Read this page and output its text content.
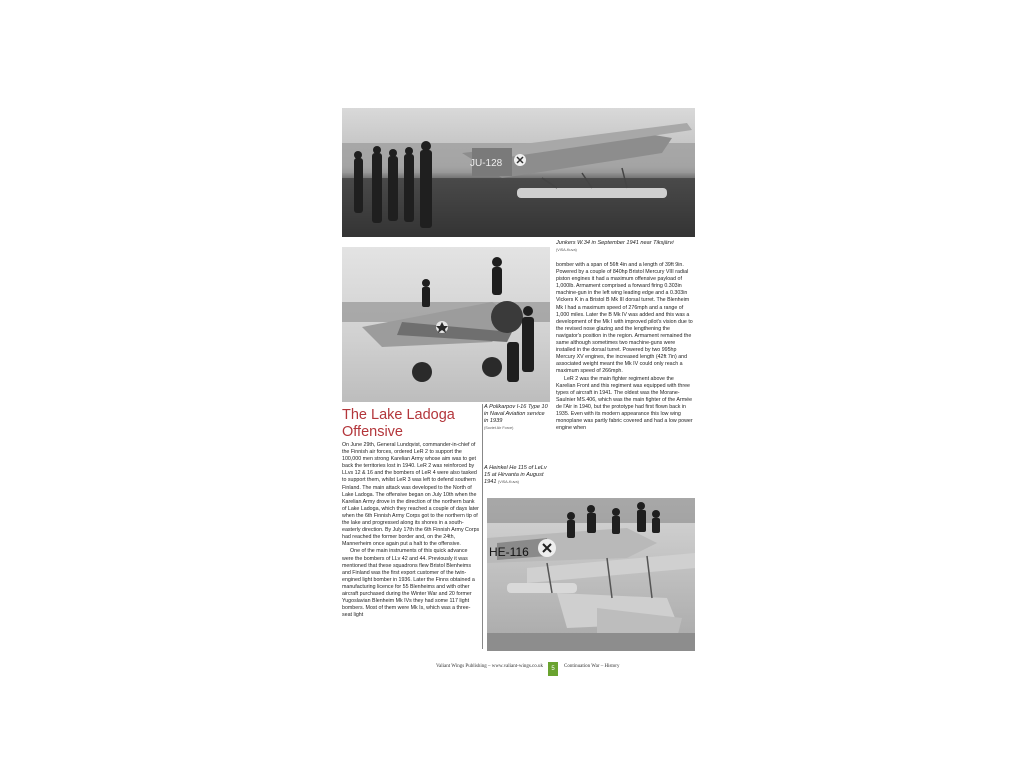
JU-128
Junkers W.34 in September 1941 near Tiksjärvi
(ViSA-Kuva)
A Polikarpov I-16 Type 10 in Naval Aviation service in 1939
(Soviet Air Force)
A Heinkel He 115 of LeLv 15 at Hirvanta in August 1941 (ViSA-Kuva)
The Lake Ladoga
Offensive

On June 29th, General Lundqvist, commander-in-chief of the Finnish air forces, ordered LeR 2 to support the 100,000 men strong Karelian Army whose aim was to get back the territories lost in 1940. LeR 2 was reinforced by LLvs 12 & 16 and the bombers of LeR 4 were also tasked to support them, whilst LeR 3 was left to defend southern Finland. The main attack was developed to the North of Lake Ladoga. The offensive began on July 10th when the Karelian Army drove in the direction of the northern bank of Lake Ladoga, which they reached a couple of days later when the 6th Finnish Army Corps got to the northern tip of the lake and progressed along its shores in a south-easterly direction. By July 17th the 6th Finnish Army Corps had reached the former border and, on the 24th, Mannerheim once again put a halt to the offensive.

One of the main instruments of this quick advance were the bombers of LLv 42 and 44. Previously it was mentioned that these squadrons flew Bristol Blenheims and Finland was the first export customer of the twin-engined light bomber in 1936. Later the Finns obtained a manufacturing licence for 55 Blenheims and with other aircraft purchased during the Winter War and 20 former Yugoslavian Blenheim Mk IVs they had some 117 light bombers. Most of them were Mk Is, which was a three-seat light

bomber with a span of 56ft 4in and a length of 39ft 9in. Powered by a couple of 840hp Bristol Mercury VIII radial piston engines it had a maximum offensive payload of 1,000lb. Armament comprised a forward firing 0.303in machine-gun in the left wing leading edge and a 0.303in Vickers K in a Bristol B Mk III dorsal turret. The Blenheim Mk I had a maximum speed of 276mph and a range of 1,000 miles. Later the B Mk IV was added and this was a development of the Mk I with improved pilot's vision due to the revised nose glazing and the lengthening the navigator's position in the region. Armament remained the same although sometimes two machine-guns were installed in the dorsal turret. Powered by two 995hp Mercury XV engines, the increased length (42ft 7in) and associated weight meant the Mk IV could only reach a maximum speed of 266mph.

LeR 2 was the main fighter regiment above the Karelian Front and this regiment was equipped with three types of aircraft in 1941. The oldest was the Morane-Saulnier MS.406, which was the main fighter of the Armée de l'Air in 1940, but the prototype had first flown back in 1935. Even with its modern appearance this low wing monoplane was partly fabric covered and had a low power engine when

HE-116
Valiant Wings Publishing – www.valiant-wings.co.uk	5	Continuation War – History
